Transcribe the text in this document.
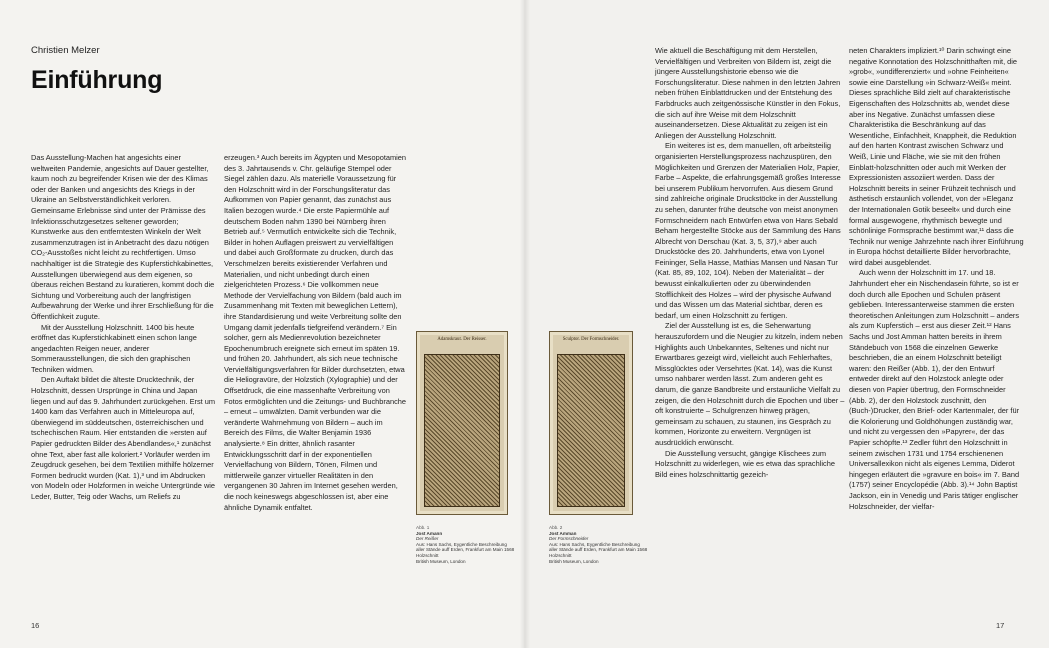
Christien Melzer
Einführung

Das Ausstellung-Machen hat angesichts einer weltweiten Pandemie, angesichts auf Dauer gestellter, kaum noch zu begreifender Krisen wie der des Klimas oder der Banken und angesichts des Kriegs in der Ukraine an Selbstverständlichkeit verloren. Gemeinsame Erlebnisse sind unter der Prämisse des Infektionsschutzgesetzes seltener geworden; Kunstwerke aus den entferntesten Winkeln der Welt zusammenzutragen ist in Anbetracht des dazu nötigen CO₂-Ausstoßes nicht leicht zu rechtfertigen. Umso nachhaltiger ist die Strategie des Kupferstichkabinettes, Ausstellungen überwiegend aus dem eigenen, so überaus reichen Bestand zu kuratieren, kommt doch die Sichtung und Vorbereitung auch der langfristigen Aufbewahrung der Werke und ihrer Erschließung für die Öffentlichkeit zugute.

Mit der Ausstellung Holzschnitt. 1400 bis heute eröffnet das Kupferstichkabinett einen schon lange angedachten Reigen neuer, anderer Sommerausstellungen, die sich den graphischen Techniken widmen.

Den Auftakt bildet die älteste Drucktechnik, der Holzschnitt, dessen Ursprünge in China und Japan liegen und auf das 9. Jahrhundert zurückgehen. Erst um 1400 kam das Verfahren auch in Mitteleuropa auf, überwiegend im süddeutschen, österreichischen und tschechischen Raum. Hier entstanden die »ersten auf Papier gedruckten Bilder des Abendlandes«,¹ zunächst ohne Text, aber fast alle koloriert.² Vorläufer werden im Zeugdruck gesehen, bei dem Textilien mithilfe hölzerner Formen bedruckt wurden (Kat. 1),³ und im Abdrucken von Modeln oder Holzformen in weiche Untergründe wie Leder, Butter, Teig oder Wachs, um Reliefs zu

erzeugen.³ Auch bereits im Ägypten und Mesopotamien des 3. Jahrtausends v. Chr. geläufige Stempel oder Siegel zählen dazu. Als materielle Voraussetzung für den Holzschnitt wird in der Forschungsliteratur das Aufkommen von Papier genannt, das zunächst aus Italien bezogen wurde.⁴ Die erste Papiermühle auf deutschem Boden nahm 1390 bei Nürnberg ihren Betrieb auf.⁵ Vermutlich entwickelte sich die Technik, Bilder in hohen Auflagen preiswert zu vervielfältigen und dabei auch Großformate zu drucken, durch das Verschmelzen bereits existierender Verfahren und Materialien, und nicht unbedingt durch einen zielgerichteten Prozess.⁶ Die vollkommen neue Methode der Vervielfachung von Bildern (bald auch im Zusammenhang mit Texten mit beweglichen Lettern), ihre Standardisierung und weite Verbreitung sollte den Umgang damit jedenfalls tiefgreifend verändern.⁷ Ein solcher, gern als Medienrevolution bezeichneter Epochenumbruch ereignete sich erneut im späten 19. und frühen 20. Jahrhundert, als sich neue technische Vervielfältigungsverfahren für Bilder durchsetzten, etwa die Heliogravüre, der Holzstich (Xylographie) und der Offsetdruck, die eine massenhafte Verbreitung von Fotos ermöglichten und die Zeitungs- und Buchbranche – erneut – umwälzten. Damit verbunden war die veränderte Wahrnehmung von Bildern – auch im Bereich des Films, die Walter Benjamin 1936 analysierte.⁸ Ein dritter, ähnlich rasanter Entwicklungsschritt darf in der exponentiellen Vervielfachung von Bildern, Tönen, Filmen und mittlerweile ganzer virtueller Realitäten in den vergangenen 30 Jahren im Internet gesehen werden, die noch keineswegs abgeschlossen ist, aber eine ähnliche Dynamik entfaltet.

Adamskraut. Der Reisser.
Abb. 1
Jost Amann
Der Reißer
Aus: Hans Sachs, Eygentliche Beschreibung aller Stände auff Erden, Frankfurt am Main 1568
Holzschnitt
British Museum, London
Sculptor. Der Formschneider.
Abb. 2
Jost Amman
Der Formschneider
Aus: Hans Sachs, Eygentliche Beschreibung aller Stände auff Erden, Frankfurt am Main 1568
Holzschnitt
British Museum, London

Wie aktuell die Beschäftigung mit dem Herstellen, Vervielfältigen und Verbreiten von Bildern ist, zeigt die jüngere Ausstellungshistorie ebenso wie die Forschungsliteratur. Diese nahmen in den letzten Jahren neben frühen Einblattdrucken und der Entstehung des Farbdrucks auch zeitgenössische Künstler in den Fokus, die sich auf ihre Weise mit dem Holzschnitt auseinandersetzen. Diese Aktualität zu zeigen ist ein Anliegen der Ausstellung Holzschnitt.

Ein weiteres ist es, dem manuellen, oft arbeitsteilig organisierten Herstellungsprozess nachzuspüren, den Möglichkeiten und Grenzen der Materialien Holz, Papier, Farbe – Aspekte, die erfahrungsgemäß großes Interesse bei unserem Publikum hervorrufen. Aus diesem Grund sind zahlreiche originale Druckstöcke in der Ausstellung zu sehen, darunter frühe deutsche von meist anonymen Formschneidern nach Entwürfen etwa von Hans Sebald Beham hergestellte Stöcke aus der Sammlung des Hans Albrecht von Derschau (Kat. 3, 5, 37),⁹ aber auch Druckstöcke des 20. Jahrhunderts, etwa von Lyonel Feininger, Sella Hasse, Mathias Mansen und Nasan Tur (Kat. 85, 89, 102, 104). Neben der Materialität – der bewusst einkalkulierten oder zu überwindenden Stofflichkeit des Holzes – wird der physische Aufwand und das Wissen um das Material sichtbar, deren es bedarf, um einen Holzschnitt zu fertigen.

Ziel der Ausstellung ist es, die Seherwartung herauszufordern und die Neugier zu kitzeln, indem neben Highlights auch Unbekanntes, Seltenes und nicht nur Erwartbares gezeigt wird, vielleicht auch Fehlerhaftes, Missglücktes oder Versehrtes (Kat. 14), was die Kunst umso nahbarer werden lässt. Zum anderen geht es darum, die ganze Bandbreite und erstaunliche Vielfalt zu zeigen, die den Holzschnitt durch die Epochen und über – oft konstruierte – Schulgrenzen hinweg prägen, gemeinsam zu schauen, zu staunen, ins Gespräch zu kommen, Horizonte zu erweitern. Vergnügen ist ausdrücklich erwünscht.

Die Ausstellung versucht, gängige Klischees zum Holzschnitt zu widerlegen, wie es etwa das sprachliche Bild eines holzschnittartig gezeich-

neten Charakters impliziert.¹⁰ Darin schwingt eine negative Konnotation des Holzschnitthaften mit, die »grob«, »undifferenziert« und »ohne Feinheiten« sowie eine Darstellung »in Schwarz-Weiß« meint. Dieses sprachliche Bild zielt auf charakteristische Eigenschaften des Holzschnitts ab, wendet diese aber ins Negative. Zunächst umfassen diese Charakteristika die Beschränkung auf das Wesentliche, Einfachheit, Knappheit, die Reduktion auf den harten Kontrast zwischen Schwarz und Weiß, Linie und Fläche, wie sie mit den frühen Einblatt-holzschnitten oder auch mit Werken der Expressionisten assoziiert werden. Dass der Holzschnitt bereits in seiner Frühzeit technisch und ästhetisch erstaunlich vollendet, von der »Eleganz der Internationalen Gotik beseelt« und durch eine formal ausgewogene, rhythmisch bewegte und schönlinige Formsprache bestimmt war,¹¹ dass die Technik nur wenige Jahrzehnte nach ihrer Einführung in Europa höchst detaillierte Bilder hervorbrachte, wird dabei ausgeblendet.

Auch wenn der Holzschnitt im 17. und 18. Jahrhundert eher ein Nischendasein führte, so ist er doch durch alle Epochen und Schulen präsent geblieben. Interessanterweise stammen die ersten theoretischen Anleitungen zum Holzschnitt – anders als zum Kupferstich – erst aus dieser Zeit.¹² Hans Sachs und Jost Amman hatten bereits in ihrem Ständebuch von 1568 die einzelnen Gewerke beschrieben, die an einem Holzschnitt beteiligt waren: den Reißer (Abb. 1), der den Entwurf entweder direkt auf den Holzstock anlegte oder diesen von Papier übertrug, den Formschneider (Abb. 2), der den Holzstock zuschnitt, den (Buch-)Drucker, den Brief- oder Kartenmaler, der für die Kolorierung und Goldhöhungen zuständig war, und nicht zu vergessen den »Papyrer«, der das Papier schöpfte.¹³ Zedler führt den Holzschnitt in seinem zwischen 1731 und 1754 erschienenen Universallexikon nicht als eigenes Lemma, Diderot hingegen erläutert die »gravure en bois« im 7. Band (1757) seiner Encyclopédie (Abb. 3).¹⁴ John Baptist Jackson, ein in Venedig und Paris tätiger englischer Holzschneider, der vielfar-

16	17
